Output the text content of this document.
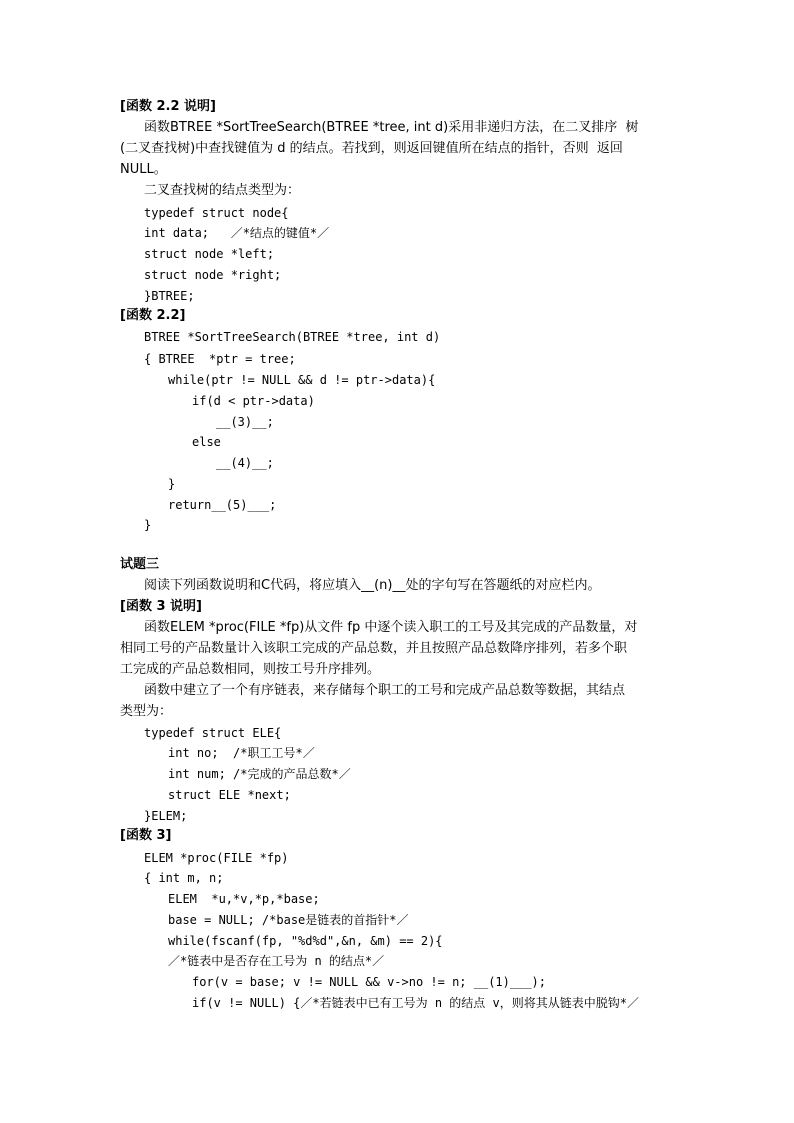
[函数 2.2 说明]
函数BTREE *SortTreeSearch(BTREE *tree, int d)采用非递归方法，在二叉排序  树
(二叉查找树)中查找键值为 d 的结点。若找到，则返回键值所在结点的指针，否则  返回
NULL。
二叉查找树的结点类型为：
typedef struct node{
int data;   ／*结点的键值*／
struct node *left;
struct node *right;
}BTREE;
[函数 2.2]
BTREE *SortTreeSearch(BTREE *tree, int d)
{ BTREE  *ptr = tree;
while(ptr != NULL && d != ptr->data){
if(d < ptr->data)
__(3)__;
else
__(4)__;
}
return__(5)___;
}
试题三
阅读下列函数说明和C代码，将应填入__(n)__处的字句写在答题纸的对应栏内。
[函数 3 说明]
函数ELEM *proc(FILE *fp)从文件 fp 中逐个读入职工的工号及其完成的产品数量，对
相同工号的产品数量计入该职工完成的产品总数，并且按照产品总数降序排列，若多个职
工完成的产品总数相同，则按工号升序排列。
函数中建立了一个有序链表，来存储每个职工的工号和完成产品总数等数据，其结点
类型为：
typedef struct ELE{
int no;  /*职工工号*／
int num; /*完成的产品总数*／
struct ELE *next;
}ELEM;
[函数 3]
ELEM *proc(FILE *fp)
{ int m, n;
ELEM  *u,*v,*p,*base;
base = NULL; /*base是链表的首指针*／
while(fscanf(fp, "%d%d",&n, &m) == 2){
／*链表中是否存在工号为 n 的结点*／
for(v = base; v != NULL && v->no != n; __(1)___);
if(v != NULL) {／*若链表中已有工号为 n 的结点 v，则将其从链表中脱钩*／
